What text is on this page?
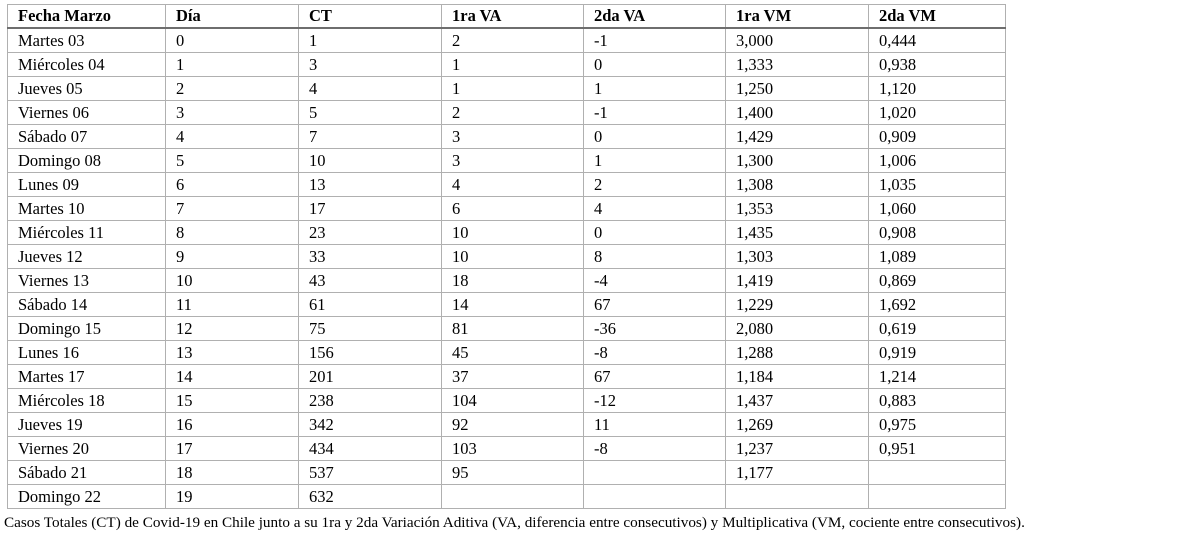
Fecha Marzo	Día	CT	1ra VA	2da VA	1ra VM	2da VM
Martes 03	0	1	2	-1	3,000	0,444
Miércoles 04	1	3	1	0	1,333	0,938
Jueves 05	2	4	1	1	1,250	1,120
Viernes 06	3	5	2	-1	1,400	1,020
Sábado 07	4	7	3	0	1,429	0,909
Domingo 08	5	10	3	1	1,300	1,006
Lunes 09	6	13	4	2	1,308	1,035
Martes 10	7	17	6	4	1,353	1,060
Miércoles 11	8	23	10	0	1,435	0,908
Jueves 12	9	33	10	8	1,303	1,089
Viernes 13	10	43	18	-4	1,419	0,869
Sábado 14	11	61	14	67	1,229	1,692
Domingo 15	12	75	81	-36	2,080	0,619
Lunes 16	13	156	45	-8	1,288	0,919
Martes 17	14	201	37	67	1,184	1,214
Miércoles 18	15	238	104	-12	1,437	0,883
Jueves 19	16	342	92	11	1,269	0,975
Viernes 20	17	434	103	-8	1,237	0,951
Sábado 21	18	537	95		1,177	
Domingo 22	19	632				
Casos Totales (CT) de Covid-19 en Chile junto a su 1ra y 2da Variación Aditiva (VA, diferencia entre consecutivos) y Multiplicativa (VM, cociente entre consecutivos).
